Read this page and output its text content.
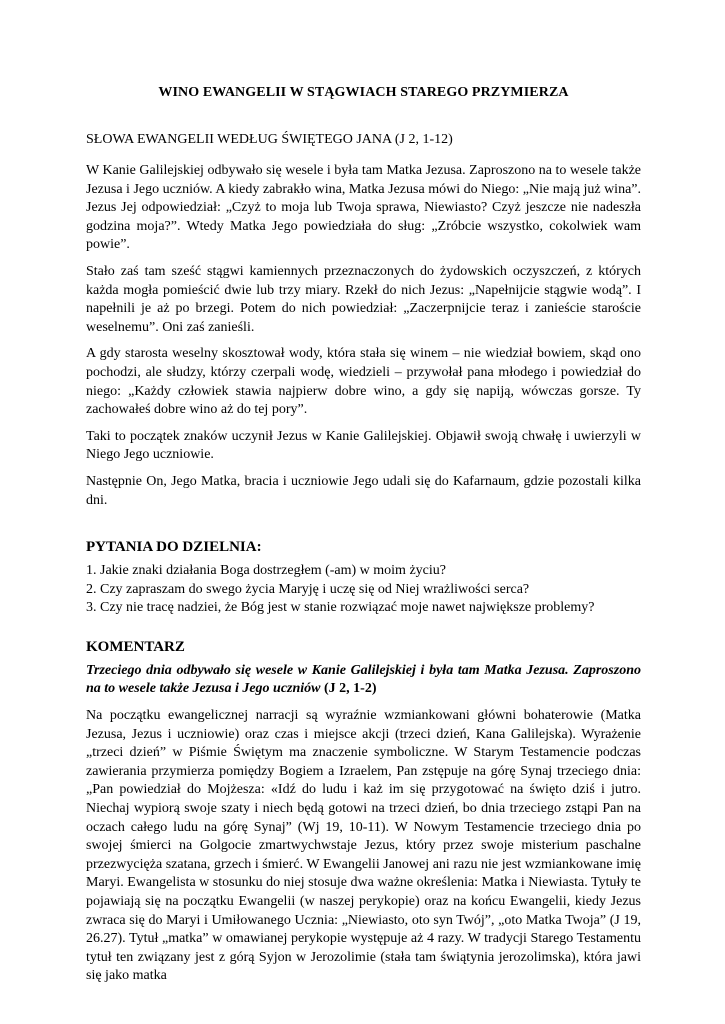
WINO EWANGELII W STĄGWIACH STAREGO PRZYMIERZA
SŁOWA EWANGELII WEDŁUG ŚWIĘTEGO JANA (J 2, 1-12)

W Kanie Galilejskiej odbywało się wesele i była tam Matka Jezusa. Zaproszono na to wesele także Jezusa i Jego uczniów. A kiedy zabrakło wina, Matka Jezusa mówi do Niego: „Nie mają już wina”. Jezus Jej odpowiedział: „Czyż to moja lub Twoja sprawa, Niewiasto? Czyż jeszcze nie nadeszła godzina moja?”. Wtedy Matka Jego powiedziała do sług: „Zróbcie wszystko, cokolwiek wam powie”.

Stało zaś tam sześć stągwi kamiennych przeznaczonych do żydowskich oczyszczeń, z których każda mogła pomieścić dwie lub trzy miary. Rzekł do nich Jezus: „Napełnijcie stągwie wodą”. I napełnili je aż po brzegi. Potem do nich powiedział: „Zaczerpnijcie teraz i zanieście staroście weselnemu”. Oni zaś zanieśli.

A gdy starosta weselny skosztował wody, która stała się winem – nie wiedział bowiem, skąd ono pochodzi, ale słudzy, którzy czerpali wodę, wiedzieli – przywołał pana młodego i powiedział do niego: „Każdy człowiek stawia najpierw dobre wino, a gdy się napiją, wówczas gorsze. Ty zachowałeś dobre wino aż do tej pory”.

Taki to początek znaków uczynił Jezus w Kanie Galilejskiej. Objawił swoją chwałę i uwierzyli w Niego Jego uczniowie.

Następnie On, Jego Matka, bracia i uczniowie Jego udali się do Kafarnaum, gdzie pozostali kilka dni.

PYTANIA DO DZIELNIA:
1. Jakie znaki działania Boga dostrzegłem (-am) w moim życiu?
2. Czy zapraszam do swego życia Maryję i uczę się od Niej wrażliwości serca?
3. Czy nie tracę nadziei, że Bóg jest w stanie rozwiązać moje nawet największe problemy?
KOMENTARZ

Trzeciego dnia odbywało się wesele w Kanie Galilejskiej i była tam Matka Jezusa. Zaproszono na to wesele także Jezusa i Jego uczniów (J 2, 1-2)

Na początku ewangelicznej narracji są wyraźnie wzmiankowani główni bohaterowie (Matka Jezusa, Jezus i uczniowie) oraz czas i miejsce akcji (trzeci dzień, Kana Galilejska). Wyrażenie „trzeci dzień” w Piśmie Świętym ma znaczenie symboliczne. W Starym Testamencie podczas zawierania przymierza pomiędzy Bogiem a Izraelem, Pan zstępuje na górę Synaj trzeciego dnia: „Pan powiedział do Mojżesza: «Idź do ludu i każ im się przygotować na święto dziś i jutro. Niechaj wypiorą swoje szaty i niech będą gotowi na trzeci dzień, bo dnia trzeciego zstąpi Pan na oczach całego ludu na górę Synaj” (Wj 19, 10-11). W Nowym Testamencie trzeciego dnia po swojej śmierci na Golgocie zmartwychwstaje Jezus, który przez swoje misterium paschalne przezwycięża szatana, grzech i śmierć. W Ewangelii Janowej ani razu nie jest wzmiankowane imię Maryi. Ewangelista w stosunku do niej stosuje dwa ważne określenia: Matka i Niewiasta. Tytuły te pojawiają się na początku Ewangelii (w naszej perykopie) oraz na końcu Ewangelii, kiedy Jezus zwraca się do Maryi i Umiłowanego Ucznia: „Niewiasto, oto syn Twój”, „oto Matka Twoja” (J 19, 26.27). Tytuł „matka” w omawianej perykopie występuje aż 4 razy. W tradycji Starego Testamentu tytuł ten związany jest z górą Syjon w Jerozolimie (stała tam świątynia jerozolimska), która jawi się jako matka
